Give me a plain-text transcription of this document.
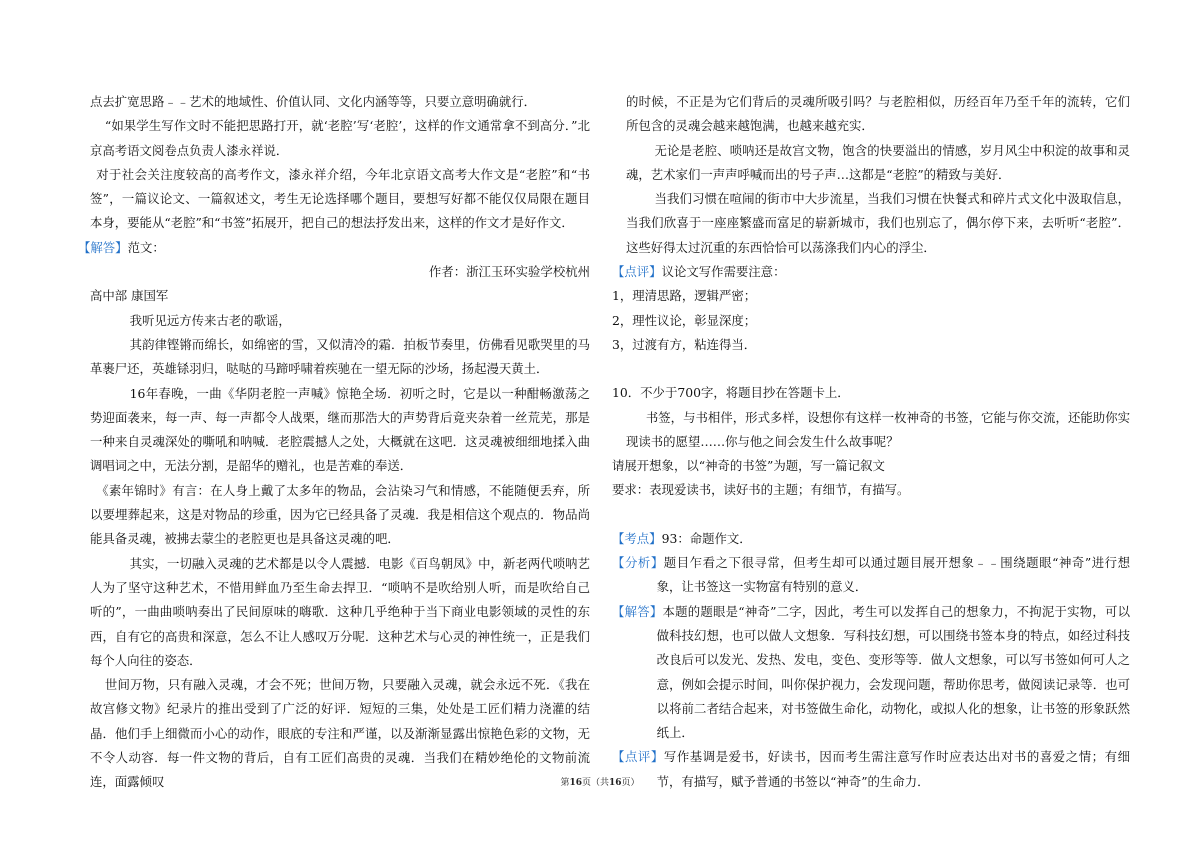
点去扩宽思路﹣﹣艺术的地域性、价值认同、文化内涵等等，只要立意明确就行．

“如果学生写作文时不能把思路打开，就‘老腔’写‘老腔’，这样的作文通常拿不到高分．”北京高考语文阅卷点负责人漆永祥说．

对于社会关注度较高的高考作文，漆永祥介绍，今年北京语文高考大作文是“老腔”和“书签”，一篇议论文、一篇叙述文，考生无论选择哪个题目，要想写好都不能仅仅局限在题目本身，要能从“老腔”和“书签”拓展开，把自己的想法抒发出来，这样的作文才是好作文．

【解答】范文：

作者：浙江玉环实验学校杭州

高中部 康国军

我听见远方传来古老的歌谣，

其韵律铿锵而绵长，如绵密的雪，又似清冷的霜．拍板节奏里，仿佛看见歌哭里的马革裹尸还，英雄铩羽归，哒哒的马蹄呼啸着疾驰在一望无际的沙场，扬起漫天黄土．

16年春晚，一曲《华阴老腔一声喊》惊艳全场．初听之时，它是以一种酣畅激荡之势迎面袭来，每一声、每一声都令人战栗，继而那浩大的声势背后竟夹杂着一丝荒芜，那是一种来自灵魂深处的嘶吼和呐喊．老腔震撼人之处，大概就在这吧．这灵魂被细细地揉入曲调唱词之中，无法分割，是韶华的赠礼，也是苦难的奉送．

《素年锦时》有言：在人身上戴了太多年的物品，会沾染习气和情感，不能随便丢弃，所以要埋葬起来，这是对物品的珍重，因为它已经具备了灵魂．我是相信这个观点的．物品尚能具备灵魂，被拂去蒙尘的老腔更也是具备这灵魂的吧．

其实，一切融入灵魂的艺术都是以令人震撼．电影《百鸟朝凤》中，新老两代唢呐艺人为了坚守这种艺术，不惜用鲜血乃至生命去捍卫．“唢呐不是吹给别人听，而是吹给自己听的”，一曲曲唢呐奏出了民间原味的嗨歌．这种几乎绝种于当下商业电影领域的灵性的东西，自有它的高贵和深意，怎么不让人感叹万分呢．这种艺术与心灵的神性统一，正是我们每个人向往的姿态．

世间万物，只有融入灵魂，才会不死；世间万物，只要融入灵魂，就会永远不死．《我在故宫修文物》纪录片的推出受到了广泛的好评．短短的三集，处处是工匠们精力浇灌的结晶．他们手上细微而小心的动作，眼底的专注和严谨，以及渐渐显露出惊艳色彩的文物，无不令人动容．每一件文物的背后，自有工匠们高贵的灵魂．当我们在精妙绝伦的文物前流连，面露倾叹

的时候，不正是为它们背后的灵魂所吸引吗？与老腔相似，历经百年乃至千年的流转，它们所包含的灵魂会越来越饱满，也越来越充实．

无论是老腔、唢呐还是故宫文物，饱含的快要溢出的情感，岁月风尘中积淀的故事和灵魂，艺术家们一声声呼喊而出的号子声…这都是“老腔”的精致与美好．

当我们习惯在喧闹的街市中大步流星，当我们习惯在快餐式和碎片式文化中汲取信息，当我们欣喜于一座座繁盛而富足的崭新城市，我们也别忘了，偶尔停下来，去听听“老腔”．这些好得太过沉重的东西恰恰可以荡涤我们内心的浮尘．

【点评】议论文写作需要注意：

1，理清思路，逻辑严密；

2，理性议论，彰显深度；

3，过渡有方，粘连得当．

10．不少于700字，将题目抄在答题卡上．

书签，与书相伴，形式多样，设想你有这样一枚神奇的书签，它能与你交流，还能助你实现读书的愿望……你与他之间会发生什么故事呢？

请展开想象，以“神奇的书签”为题，写一篇记叙文

要求：表现爱读书，读好书的主题；有细节，有描写。

【考点】93：命题作文．

【分析】题目乍看之下很寻常，但考生却可以通过题目展开想象﹣﹣围绕题眼“神奇”进行想象，让书签这一实物富有特别的意义．

【解答】本题的题眼是“神奇”二字，因此，考生可以发挥自己的想象力，不拘泥于实物，可以做科技幻想，也可以做人文想象．写科技幻想，可以围绕书签本身的特点，如经过科技改良后可以发光、发热、发电，变色、变形等等．做人文想象，可以写书签如何可人之意，例如会提示时间，叫你保护视力，会发现问题，帮助你思考，做阅读记录等．也可以将前二者结合起来，对书签做生命化，动物化，或拟人化的想象，让书签的形象跃然纸上．

【点评】写作基调是爱书，好读书，因而考生需注意写作时应表达出对书的喜爱之情；有细节，有描写，赋予普通的书签以“神奇”的生命力．

第16页（共16页）
